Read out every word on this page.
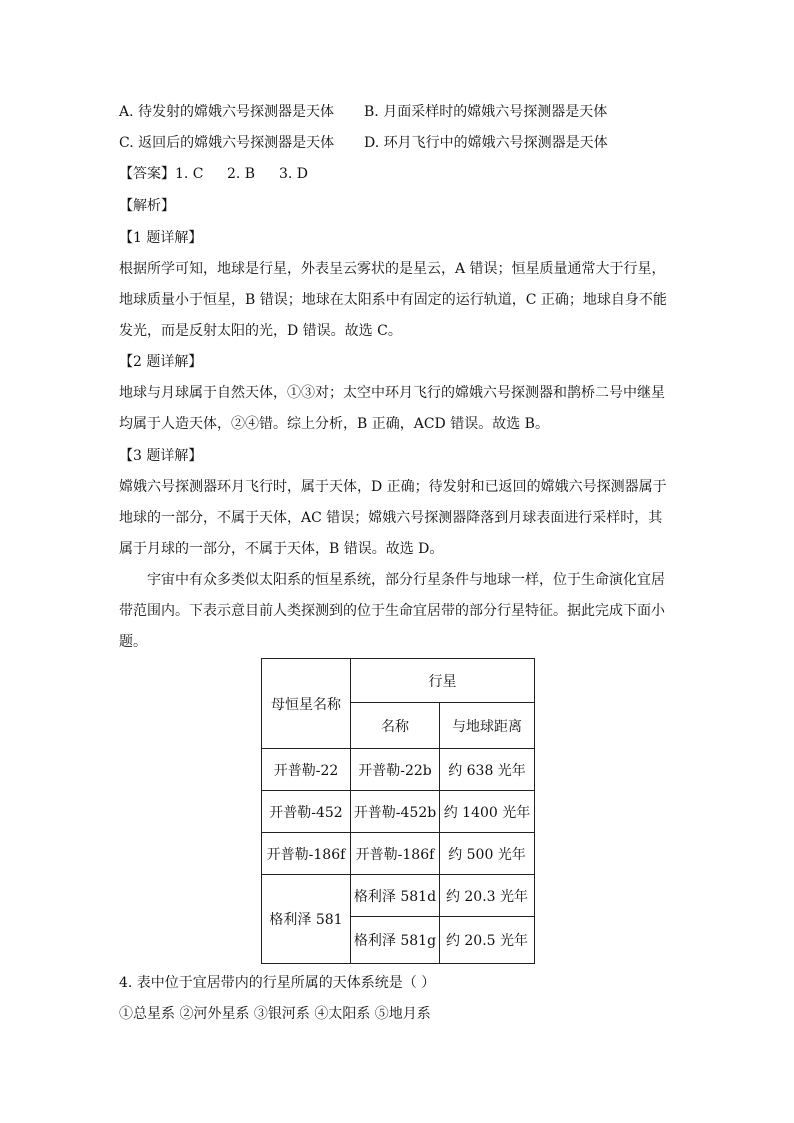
A. 待发射的嫦娥六号探测器是天体 B. 月面采样时的嫦娥六号探测器是天体
C. 返回后的嫦娥六号探测器是天体 D. 环月飞行中的嫦娥六号探测器是天体
【答案】1. C 2. B 3. D
【解析】
【1 题详解】
根据所学可知，地球是行星，外表呈云雾状的是星云，A 错误；恒星质量通常大于行星，
地球质量小于恒星，B 错误；地球在太阳系中有固定的运行轨道，C 正确；地球自身不能
发光，而是反射太阳的光，D 错误。故选 C。
【2 题详解】
地球与月球属于自然天体，①③对；太空中环月飞行的嫦娥六号探测器和鹊桥二号中继星
均属于人造天体，②④错。综上分析，B 正确，ACD 错误。故选 B。
【3 题详解】
嫦娥六号探测器环月飞行时，属于天体，D 正确；待发射和已返回的嫦娥六号探测器属于
地球的一部分，不属于天体，AC 错误；嫦娥六号探测器降落到月球表面进行采样时，其
属于月球的一部分，不属于天体，B 错误。故选 D。
宇宙中有众多类似太阳系的恒星系统，部分行星条件与地球一样，位于生命演化宜居
带范围内。下表示意目前人类探测到的位于生命宜居带的部分行星特征。据此完成下面小
题。
母恒星名称	行星	
	名称	与地球距离
开普勒-22	开普勒-22b	约 638 光年
开普勒-452	开普勒-452b	约 1400 光年
开普勒-186f	开普勒-186f	约 500 光年
格利泽 581	格利泽 581d	约 20.3 光年
	格利泽 581g	约 20.5 光年
4. 表中位于宜居带内的行星所属的天体系统是（ ）
①总星系 ②河外星系 ③银河系 ④太阳系 ⑤地月系
